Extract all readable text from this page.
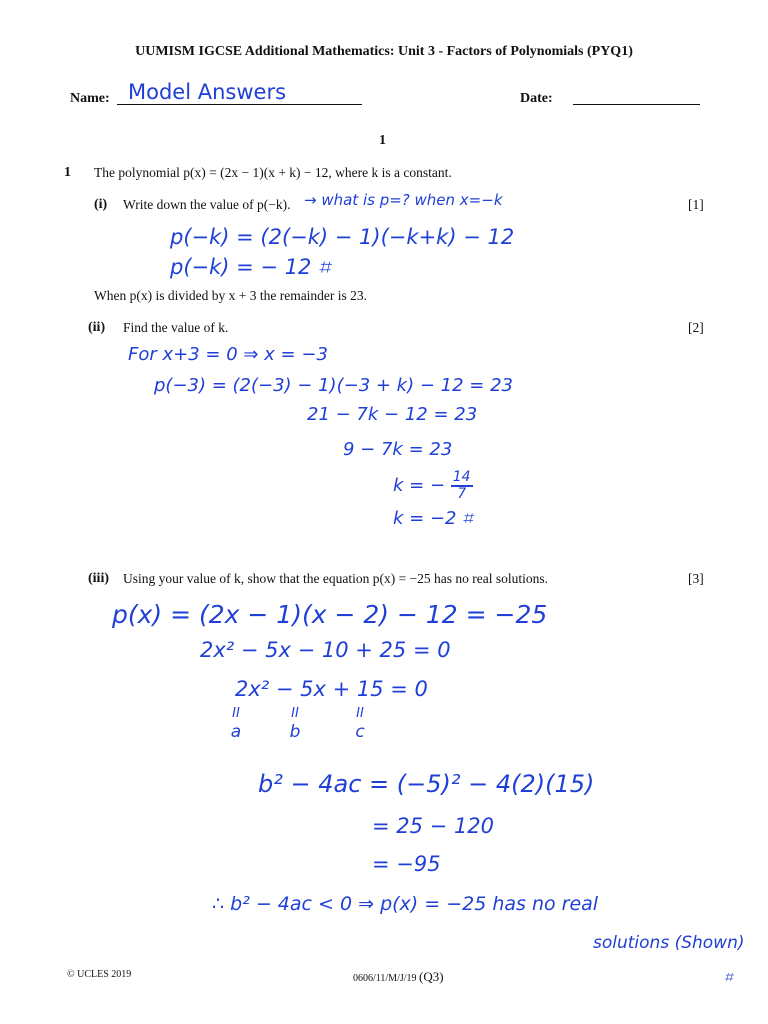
UUMISM IGCSE Additional Mathematics: Unit 3 - Factors of Polynomials (PYQ1)
Name: Model Answers	Date:
1
1 The polynomial p(x) = (2x − 1)(x + k) − 12, where k is a constant.
(i) Write down the value of p(−k).	[1]
→ what is p=? when x=−k
p(−k) = (2(−k) − 1)(−k+k) − 12
p(−k) = − 12 ⌗
When p(x) is divided by x + 3 the remainder is 23.
(ii) Find the value of k.	[2]
For x+3 = 0 ⇒ x = −3
p(−3) = (2(−3) − 1)(−3 + k) − 12 = 23
21 − 7k − 12 = 23
9 − 7k = 23
k = − $\frac{14}{7}$
k = −2 ⌗
(iii) Using your value of k, show that the equation p(x) = −25 has no real solutions.	[3]
p(x) = (2x − 1)(x − 2) − 12 = −25
2x² − 5x − 10 + 25 = 0
2x² − 5x + 15 = 0
II
a
II
b
II
c
b² − 4ac = (−5)² − 4(2)(15)
= 25 − 120
= −95
∴ b² − 4ac < 0 ⇒ p(x) = −25 has no real
solutions (Shown)
⌗
© UCLES 2019	0606/11/M/J/19 (Q3)
